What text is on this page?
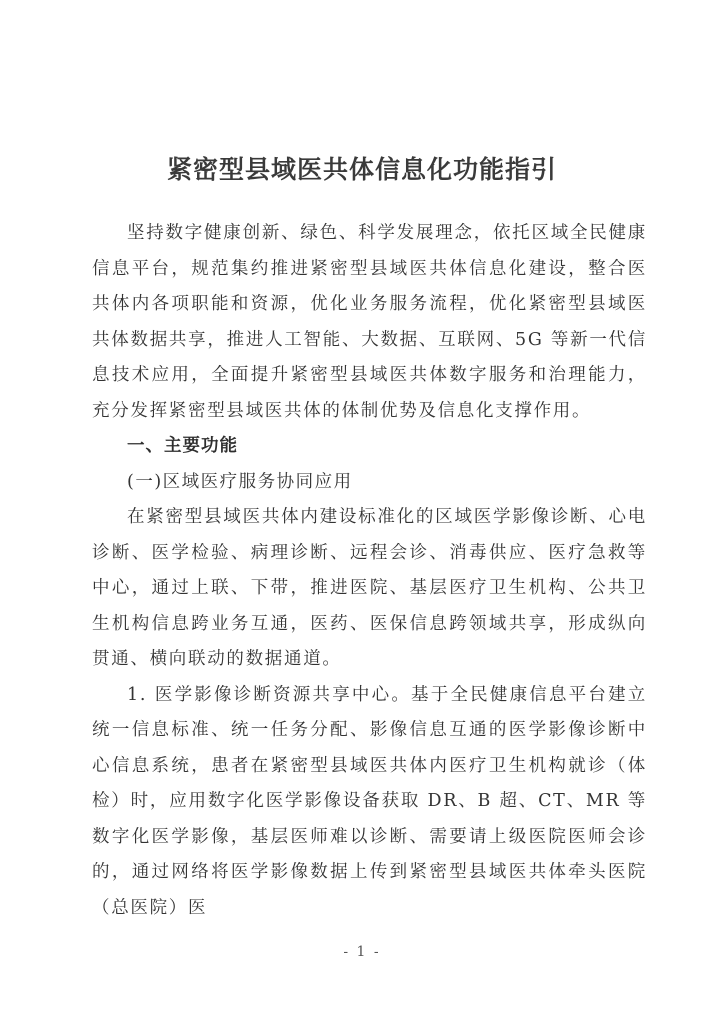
紧密型县域医共体信息化功能指引

坚持数字健康创新、绿色、科学发展理念，依托区域全民健康信息平台，规范集约推进紧密型县域医共体信息化建设，整合医共体内各项职能和资源，优化业务服务流程，优化紧密型县域医共体数据共享，推进人工智能、大数据、互联网、5G 等新一代信息技术应用，全面提升紧密型县域医共体数字服务和治理能力，充分发挥紧密型县域医共体的体制优势及信息化支撑作用。

一、主要功能

(一)区域医疗服务协同应用

在紧密型县域医共体内建设标准化的区域医学影像诊断、心电诊断、医学检验、病理诊断、远程会诊、消毒供应、医疗急救等中心，通过上联、下带，推进医院、基层医疗卫生机构、公共卫生机构信息跨业务互通，医药、医保信息跨领域共享，形成纵向贯通、横向联动的数据通道。

1. 医学影像诊断资源共享中心。基于全民健康信息平台建立统一信息标准、统一任务分配、影像信息互通的医学影像诊断中心信息系统，患者在紧密型县域医共体内医疗卫生机构就诊（体检）时，应用数字化医学影像设备获取 DR、B 超、CT、MR 等数字化医学影像，基层医师难以诊断、需要请上级医院医师会诊的，通过网络将医学影像数据上传到紧密型县域医共体牵头医院（总医院）医

- 1 -
